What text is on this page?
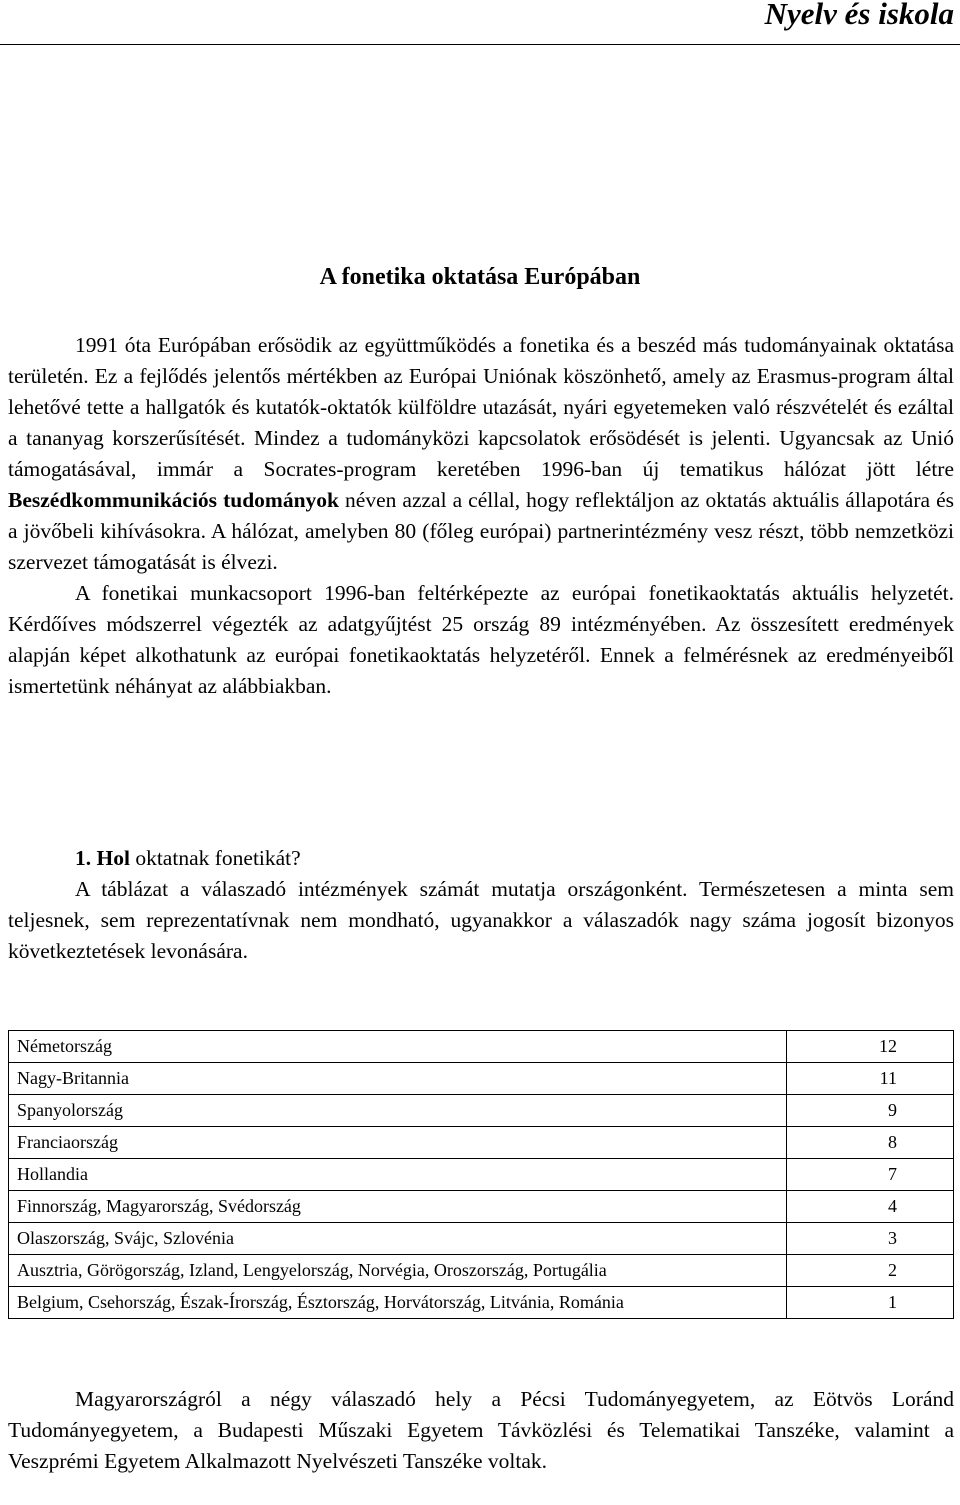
Nyelv és iskola
A fonetika oktatása Európában

1991 óta Európában erősödik az együttműködés a fonetika és a beszéd más tudományainak oktatása területén. Ez a fejlődés jelentős mértékben az Európai Uniónak köszönhető, amely az Erasmus-program által lehetővé tette a hallgatók és kutatók-oktatók külföldre utazását, nyári egyetemeken való részvételét és ezáltal a tananyag korszerűsítését. Mindez a tudományközi kapcsolatok erősödését is jelenti. Ugyancsak az Unió támogatásával, immár a Socrates-program keretében 1996-ban új tematikus hálózat jött létre Beszédkommunikációs tudományok néven azzal a céllal, hogy reflektáljon az oktatás aktuális állapotára és a jövőbeli kihívásokra. A hálózat, amelyben 80 (főleg európai) partnerintézmény vesz részt, több nemzetközi szervezet támogatását is élvezi.

A fonetikai munkacsoport 1996-ban feltérképezte az európai fonetikaoktatás aktuális helyzetét. Kérdőíves módszerrel végezték az adatgyűjtést 25 ország 89 intézményében. Az összesített eredmények alapján képet alkothatunk az európai fonetikaoktatás helyzetéről. Ennek a felmérésnek az eredményeiből ismertetünk néhányat az alábbiakban.

1. Hol oktatnak fonetikát?

A táblázat a válaszadó intézmények számát mutatja országonként. Természetesen a minta sem teljesnek, sem reprezentatívnak nem mondható, ugyanakkor a válaszadók nagy száma jogosít bizonyos következtetések levonására.

Németország	12
Nagy-Britannia	11
Spanyolország	9
Franciaország	8
Hollandia	7
Finnország, Magyarország, Svédország	4
Olaszország, Svájc, Szlovénia	3
Ausztria, Görögország, Izland, Lengyelország, Norvégia, Oroszország, Portugália	2
Belgium, Csehország, Észak-Írország, Észtország, Horvátország, Litvánia, Románia	1

Magyarországról a négy válaszadó hely a Pécsi Tudományegyetem, az Eötvös Loránd Tudományegyetem, a Budapesti Műszaki Egyetem Távközlési és Telematikai Tanszéke, valamint a Veszprémi Egyetem Alkalmazott Nyelvészeti Tanszéke voltak.
